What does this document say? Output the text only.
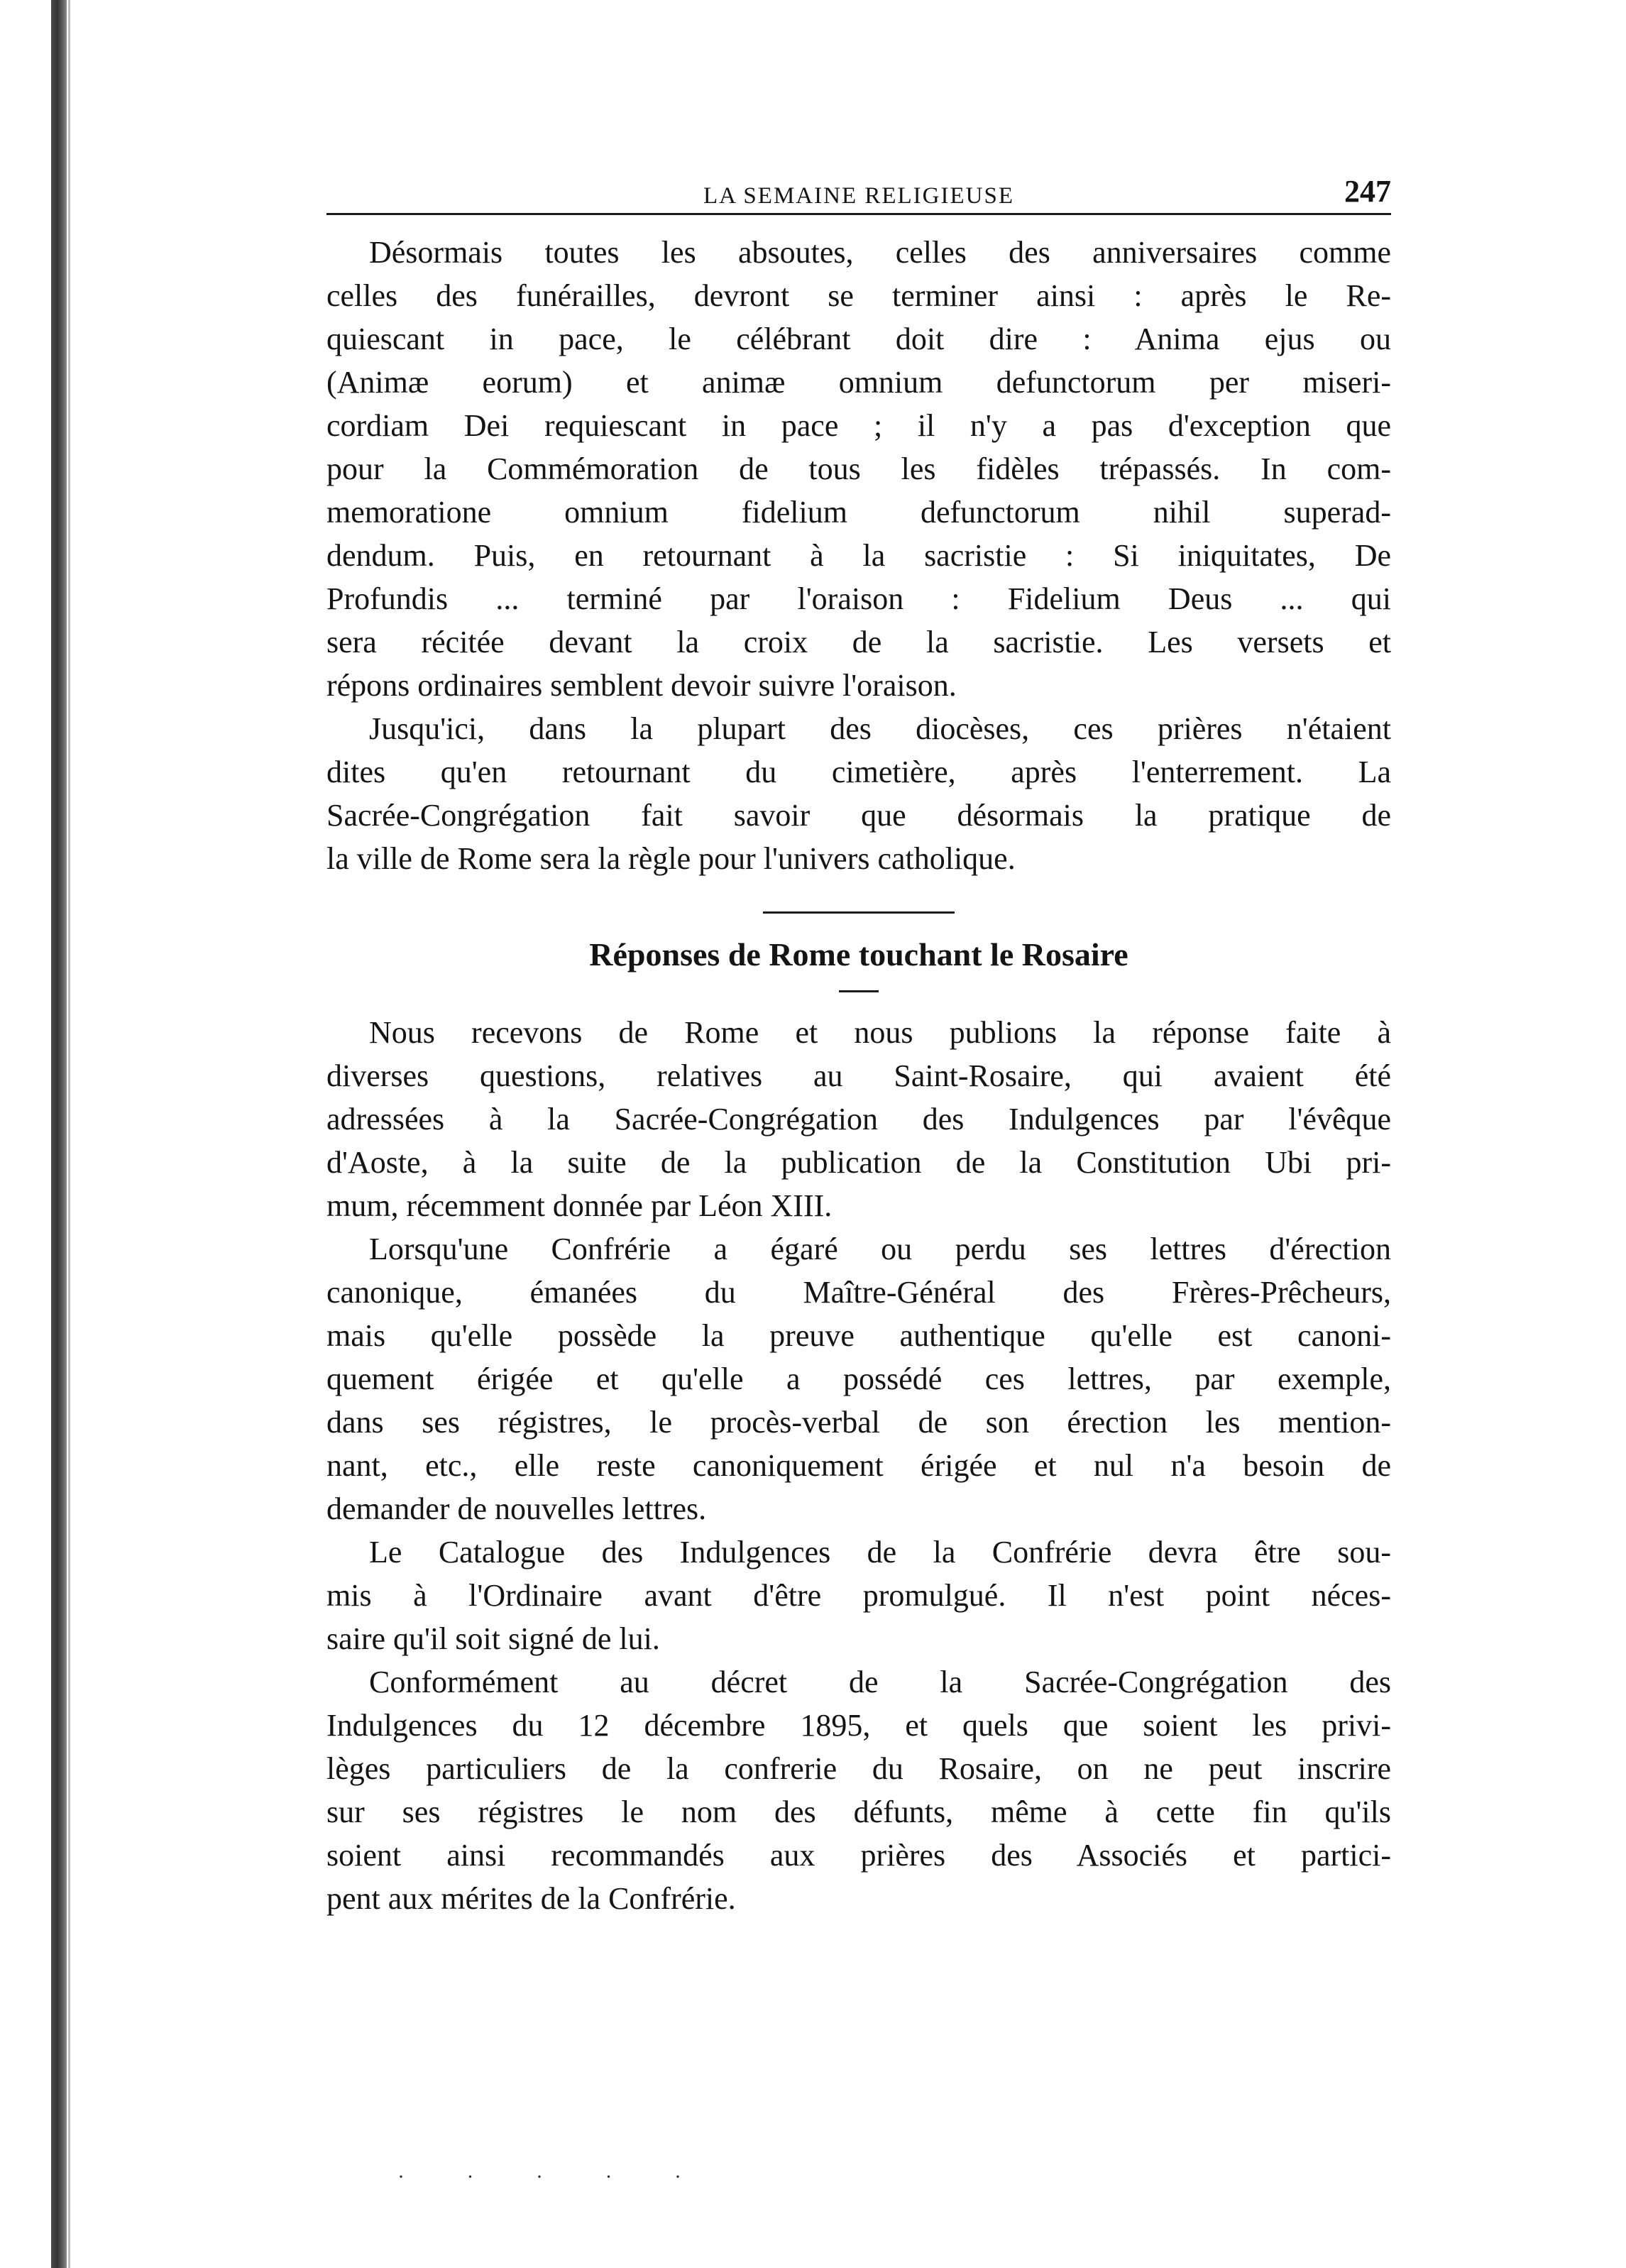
LA SEMAINE RELIGIEUSE	247
Désormais toutes les absoutes, celles des anniversaires comme
celles des funérailles, devront se terminer ainsi : après le Re-
quiescant in pace, le célébrant doit dire : Anima ejus ou
(Animæ eorum) et animæ omnium defunctorum per miseri-
cordiam Dei requiescant in pace ; il n'y a pas d'exception que
pour la Commémoration de tous les fidèles trépassés. In com-
memoratione omnium fidelium defunctorum nihil superad-
dendum. Puis, en retournant à la sacristie : Si iniquitates, De
Profundis ... terminé par l'oraison : Fidelium Deus ... qui
sera récitée devant la croix de la sacristie. Les versets et
répons ordinaires semblent devoir suivre l'oraison.
Jusqu'ici, dans la plupart des diocèses, ces prières n'étaient
dites qu'en retournant du cimetière, après l'enterrement. La
Sacrée-Congrégation fait savoir que désormais la pratique de
la ville de Rome sera la règle pour l'univers catholique.
Réponses de Rome touchant le Rosaire
Nous recevons de Rome et nous publions la réponse faite à
diverses questions, relatives au Saint-Rosaire, qui avaient été
adressées à la Sacrée-Congrégation des Indulgences par l'évêque
d'Aoste, à la suite de la publication de la Constitution Ubi pri-
mum, récemment donnée par Léon XIII.
Lorsqu'une Confrérie a égaré ou perdu ses lettres d'érection
canonique, émanées du Maître-Général des Frères-Prêcheurs,
mais qu'elle possède la preuve authentique qu'elle est canoni-
quement érigée et qu'elle a possédé ces lettres, par exemple,
dans ses régistres, le procès-verbal de son érection les mention-
nant, etc., elle reste canoniquement érigée et nul n'a besoin de
demander de nouvelles lettres.
Le Catalogue des Indulgences de la Confrérie devra être sou-
mis à l'Ordinaire avant d'être promulgué. Il n'est point néces-
saire qu'il soit signé de lui.
Conformément au décret de la Sacrée-Congrégation des
Indulgences du 12 décembre 1895, et quels que soient les privi-
lèges particuliers de la confrerie du Rosaire, on ne peut inscrire
sur ses régistres le nom des défunts, même à cette fin qu'ils
soient ainsi recommandés aux prières des Associés et partici-
pent aux mérites de la Confrérie.
· · · · ·
